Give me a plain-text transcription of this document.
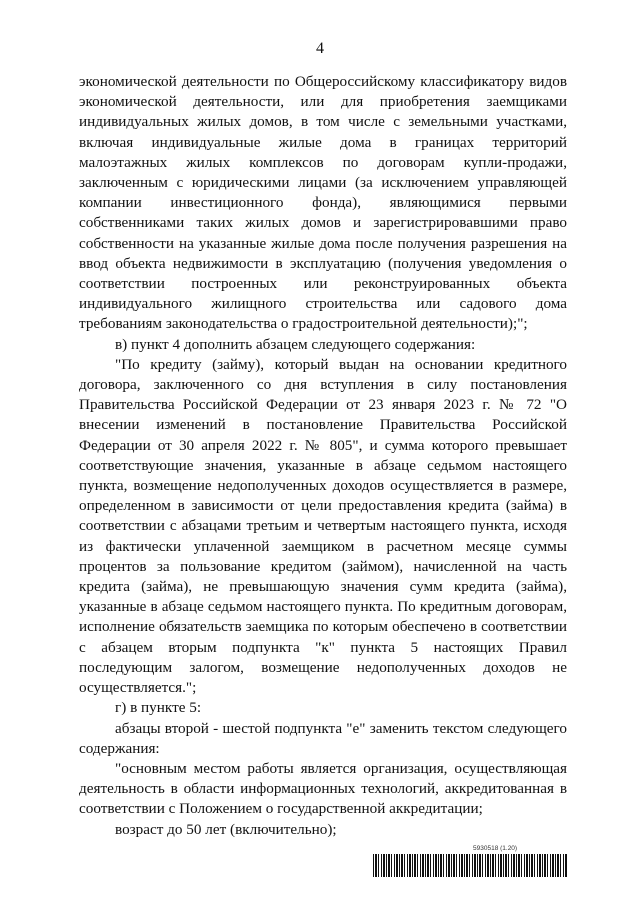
4

экономической деятельности по Общероссийскому классификатору видов экономической деятельности, или для приобретения заемщиками индивидуальных жилых домов, в том числе с земельными участками, включая индивидуальные жилые дома в границах территорий малоэтажных жилых комплексов по договорам купли-продажи, заключенным с юридическими лицами (за исключением управляющей компании инвестиционного фонда), являющимися первыми собственниками таких жилых домов и зарегистрировавшими право собственности на указанные жилые дома после получения разрешения на ввод объекта недвижимости в эксплуатацию (получения уведомления о соответствии построенных или реконструированных объекта индивидуального жилищного строительства или садового дома требованиям законодательства о градостроительной деятельности);";

в) пункт 4 дополнить абзацем следующего содержания:

"По кредиту (займу), который выдан на основании кредитного договора, заключенного со дня вступления в силу постановления Правительства Российской Федерации от 23 января 2023 г. № 72 "О внесении изменений в постановление Правительства Российской Федерации от 30 апреля 2022 г. № 805", и сумма которого превышает соответствующие значения, указанные в абзаце седьмом настоящего пункта, возмещение недополученных доходов осуществляется в размере, определенном в зависимости от цели предоставления кредита (займа) в соответствии с абзацами третьим и четвертым настоящего пункта, исходя из фактически уплаченной заемщиком в расчетном месяце суммы процентов за пользование кредитом (займом), начисленной на часть кредита (займа), не превышающую значения сумм кредита (займа), указанные в абзаце седьмом настоящего пункта. По кредитным договорам, исполнение обязательств заемщика по которым обеспечено в соответствии с абзацем вторым подпункта "к" пункта 5 настоящих Правил последующим залогом, возмещение недополученных доходов не осуществляется.";

г) в пункте 5:

абзацы второй - шестой подпункта "е" заменить текстом следующего содержания:

"основным местом работы является организация, осуществляющая деятельность в области информационных технологий, аккредитованная в соответствии с Положением о государственной аккредитации;

возраст до 50 лет (включительно);

5930518 (1.20)
